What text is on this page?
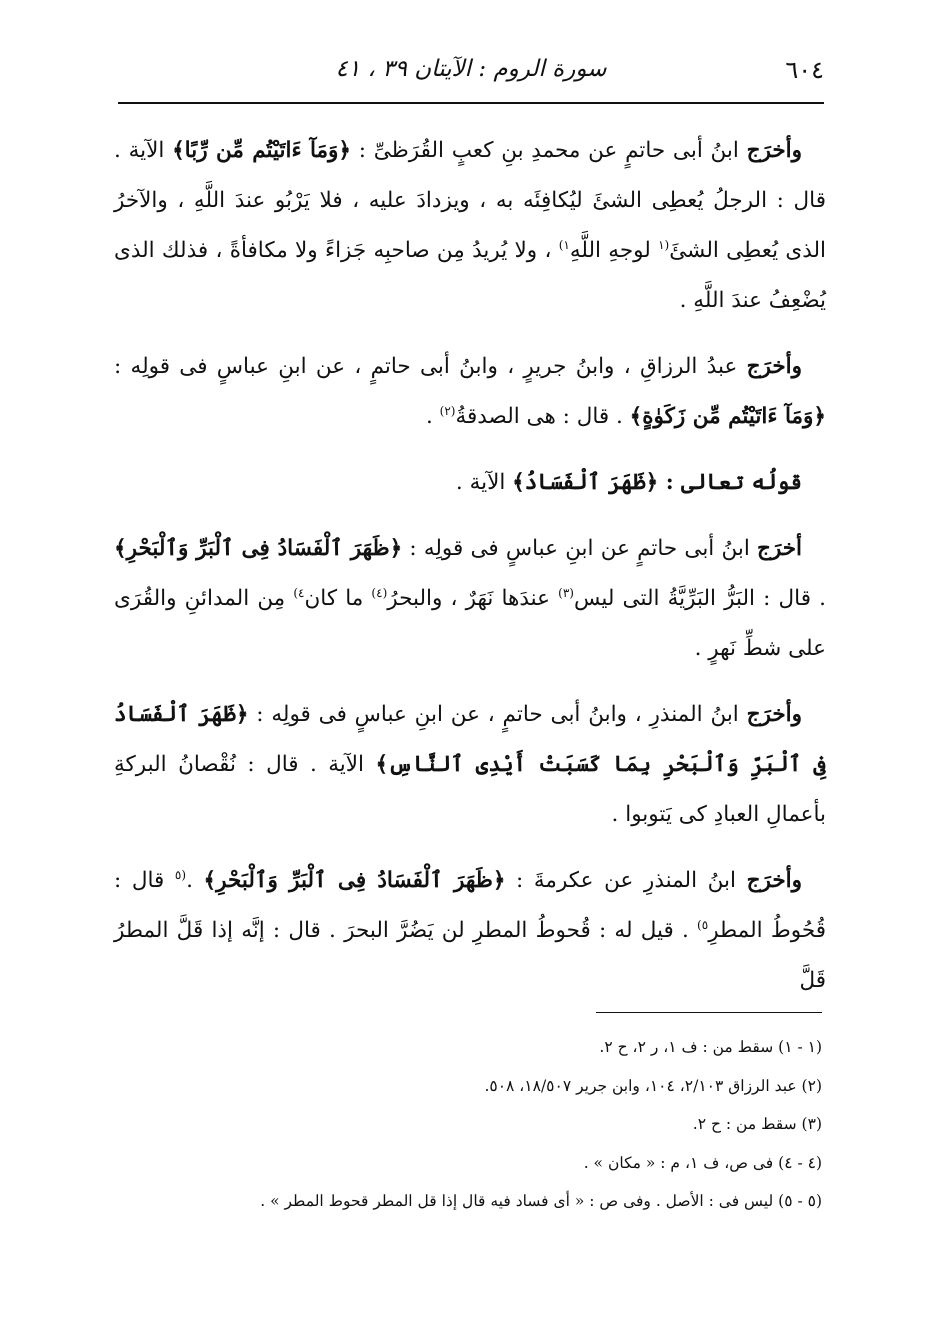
٦٠٤
سورة الروم : الآيتان ٣٩ ، ٤١

وأخرَج ابنُ أبى حاتمٍ عن محمدِ بنِ كعبٍ القُرَظىِّ : ﴿وَمَآ ءَاتَيْتُم مِّن رِّبًا﴾ الآية . قال : الرجلُ يُعطِى الشئَ ليُكافِئَه به ، ويزدادَ عليه ، فلا يَرْبُو عندَ اللَّهِ ، والآخرُ الذى يُعطِى الشئَ$^{(١}$ لوجهِ اللَّهِ$^{١)}$ ، ولا يُريدُ مِن صاحبِه جَزاءً ولا مكافأةً ، فذلك الذى يُضْعِفُ عندَ اللَّهِ .

وأخرَج عبدُ الرزاقِ ، وابنُ جريرٍ ، وابنُ أبى حاتمٍ ، عن ابنِ عباسٍ فى قولِه : ﴿وَمَآ ءَاتَيْتُم مِّن زَكَوٰةٍ﴾ . قال : هى الصدقةُ$^{(٢)}$ .

قولُه تعالى : ﴿ظَهَرَ ٱلْفَسَادُ﴾ الآية .

أخرَج ابنُ أبى حاتمٍ عن ابنِ عباسٍ فى قولِه : ﴿ظَهَرَ ٱلْفَسَادُ فِى ٱلْبَرِّ وَٱلْبَحْرِ﴾ . قال : البَرُّ البَرِّيَّةُ التى ليس$^{(٣)}$ عندَها نَهَرٌ ، والبحرُ$^{(٤)}$ ما كان$^{٤)}$ مِن المدائنِ والقُرَى على شطِّ نَهرٍ .

وأخرَج ابنُ المنذرِ ، وابنُ أبى حاتمٍ ، عن ابنِ عباسٍ فى قولِه : ﴿ظَهَرَ ٱلْفَسَادُ فِى ٱلْبَرِّ وَٱلْبَحْرِ بِمَا كَسَبَتْ أَيْدِى ٱلنَّاسِ﴾ الآية . قال : نُقْصانُ البركةِ بأعمالِ العبادِ كى يَتوبوا .

وأخرَج ابنُ المنذرِ عن عكرمةَ : ﴿ظَهَرَ ٱلْفَسَادُ فِى ٱلْبَرِّ وَٱلْبَحْرِ﴾ .$^{(٥}$ قال : قُحُوطُ المطرِ$^{٥)}$ . قيل له : قُحوطُ المطرِ لن يَضُرَّ البحرَ . قال : إنَّه إذا قَلَّ المطرُ قَلَّ

(١ - ١) سقط من : ف ١، ر ٢، ح ٢.

(٢) عبد الرزاق ٢/١٠٣، ١٠٤، وابن جرير ١٨/٥٠٧، ٥٠٨.

(٣) سقط من : ح ٢.

(٤ - ٤) فى ص، ف ١، م : « مكان » .

(٥ - ٥) ليس فى : الأصل . وفى ص : « أى فساد فيه قال إذا قل المطر قحوط المطر » .
